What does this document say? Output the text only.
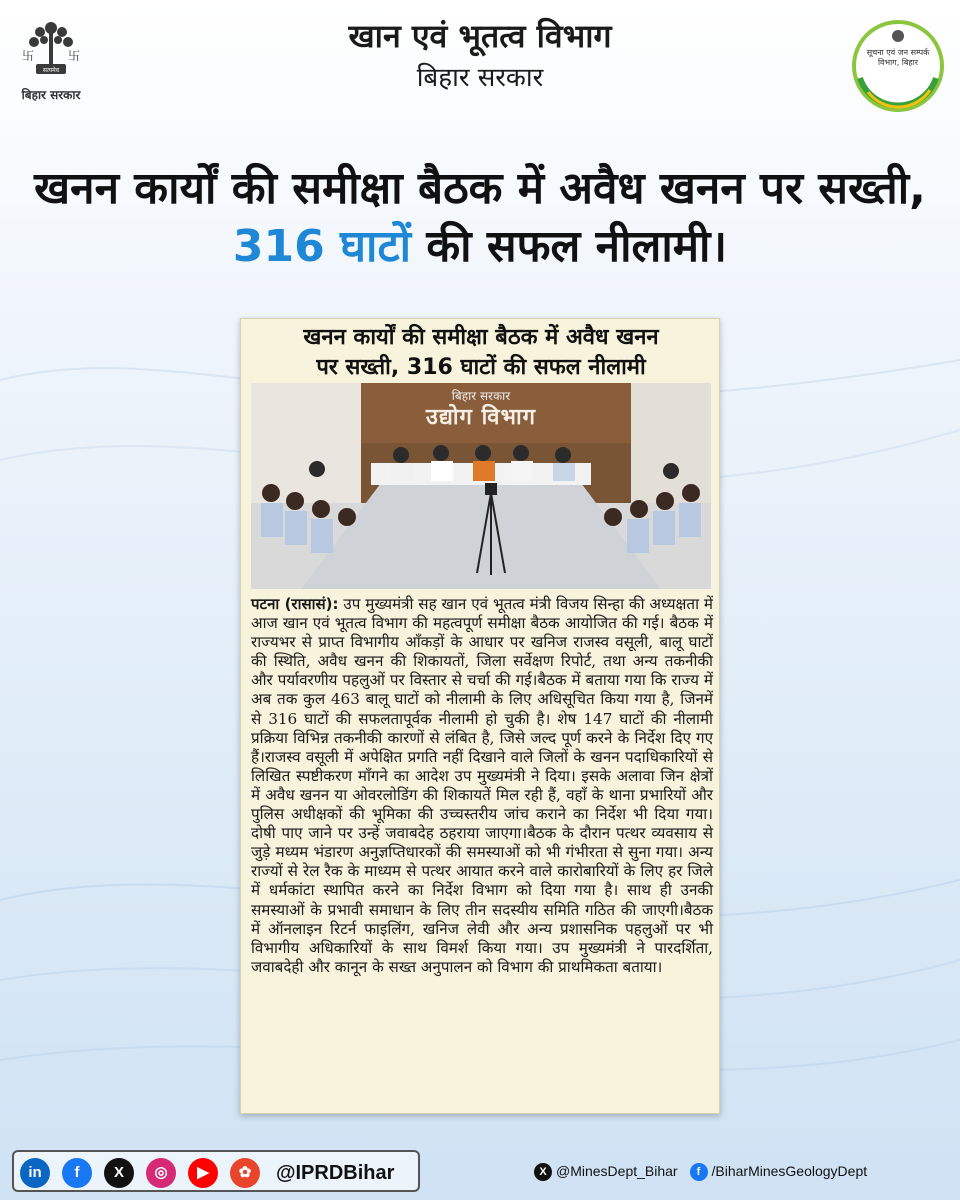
卐	卐
सत्यमेव
बिहार सरकार
खान एवं भूतत्व विभाग
बिहार सरकार
सूचना एवं जन सम्पर्क विभाग, बिहार
खनन कार्यों की समीक्षा बैठक में अवैध खनन पर सख्ती,
316 घाटों की सफल नीलामी।
खनन कार्यों की समीक्षा बैठक में अवैध खनन
पर सख्ती, 316 घाटों की सफल नीलामी
बिहार सरकार
उद्योग विभाग
पटना (रासासं): उप मुख्यमंत्री सह खान एवं भूतत्व मंत्री विजय सिन्हा की अध्यक्षता में आज खान एवं भूतत्व विभाग की महत्वपूर्ण समीक्षा बैठक आयोजित की गई। बैठक में राज्यभर से प्राप्त विभागीय आँकड़ों के आधार पर खनिज राजस्व वसूली, बालू घाटों की स्थिति, अवैध खनन की शिकायतों, जिला सर्वेक्षण रिपोर्ट, तथा अन्य तकनीकी और पर्यावरणीय पहलुओं पर विस्तार से चर्चा की गई।बैठक में बताया गया कि राज्य में अब तक कुल 463 बालू घाटों को नीलामी के लिए अधिसूचित किया गया है, जिनमें से 316 घाटों की सफलतापूर्वक नीलामी हो चुकी है। शेष 147 घाटों की नीलामी प्रक्रिया विभिन्न तकनीकी कारणों से लंबित है, जिसे जल्द पूर्ण करने के निर्देश दिए गए हैं।राजस्व वसूली में अपेक्षित प्रगति नहीं दिखाने वाले जिलों के खनन पदाधिकारियों से लिखित स्पष्टीकरण माँगने का आदेश उप मुख्यमंत्री ने दिया। इसके अलावा जिन क्षेत्रों में अवैध खनन या ओवरलोडिंग की शिकायतें मिल रही हैं, वहाँ के थाना प्रभारियों और पुलिस अधीक्षकों की भूमिका की उच्चस्तरीय जांच कराने का निर्देश भी दिया गया। दोषी पाए जाने पर उन्हें जवाबदेह ठहराया जाएगा।बैठक के दौरान पत्थर व्यवसाय से जुड़े मध्यम भंडारण अनुज्ञप्तिधारकों की समस्याओं को भी गंभीरता से सुना गया। अन्य राज्यों से रेल रैक के माध्यम से पत्थर आयात करने वाले कारोबारियों के लिए हर जिले में धर्मकांटा स्थापित करने का निर्देश विभाग को दिया गया है। साथ ही उनकी समस्याओं के प्रभावी समाधान के लिए तीन सदस्यीय समिति गठित की जाएगी।बैठक में ऑनलाइन रिटर्न फाइलिंग, खनिज लेवी और अन्य प्रशासनिक पहलुओं पर भी विभागीय अधिकारियों के साथ विमर्श किया गया। उप मुख्यमंत्री ने पारदर्शिता, जवाबदेही और कानून के सख्त अनुपालन को विभाग की प्राथमिकता बताया।
in	f	X	◎	▶	✿	@IPRDBihar	X @MinesDept_Bihar f /BiharMinesGeologyDept
